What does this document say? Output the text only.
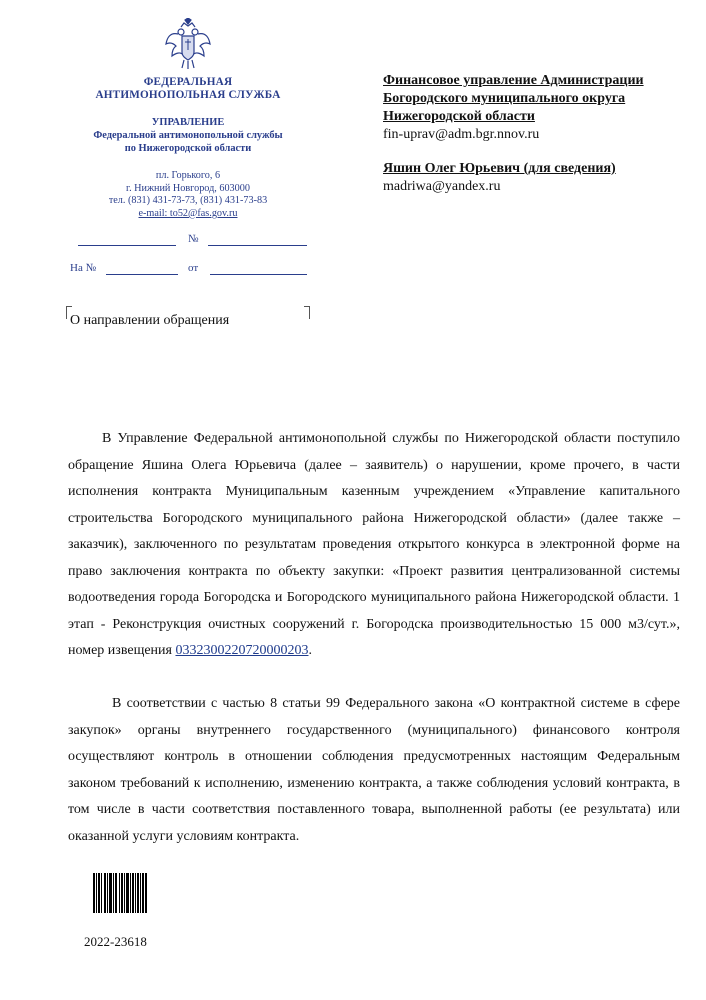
ФЕДЕРАЛЬНАЯ
АНТИМОНОПОЛЬНАЯ СЛУЖБА
УПРАВЛЕНИЕ
Федеральной антимонопольной службы
по Нижегородской области
пл. Горького, 6
г. Нижний Новгород, 603000
тел. (831) 431-73-73, (831) 431-73-83
e-mail: to52@fas.gov.ru
№
На №	от
О направлении обращения
Финансовое управление Администрации
Богородского муниципального округа
Нижегородской области
fin-uprav@adm.bgr.nnov.ru
Яшин Олег Юрьевич (для сведения)
madriwa@yandex.ru
В Управление Федеральной антимонопольной службы по Нижегородской области поступило обращение Яшина Олега Юрьевича (далее – заявитель) о нарушении, кроме прочего, в части исполнения контракта Муниципальным казенным учреждением «Управление капитального строительства Богородского муниципального района Нижегородской области» (далее также – заказчик), заключенного по результатам проведения открытого конкурса в электронной форме на право заключения контракта по объекту закупки: «Проект развития централизованной системы водоотведения города Богородска и Богородского муниципального района Нижегородской области. 1 этап - Реконструкция очистных сооружений г. Богородска производительностью 15 000 м3/сут.», номер извещения 0332300220720000203.
В соответствии с частью 8 статьи 99 Федерального закона «О контрактной системе в сфере закупок» органы внутреннего государственного (муниципального) финансового контроля осуществляют контроль в отношении соблюдения предусмотренных настоящим Федеральным законом требований к исполнению, изменению контракта, а также соблюдения условий контракта, в том числе в части соответствия поставленного товара, выполненной работы (ее результата) или оказанной услуги условиям контракта.
2022-23618
